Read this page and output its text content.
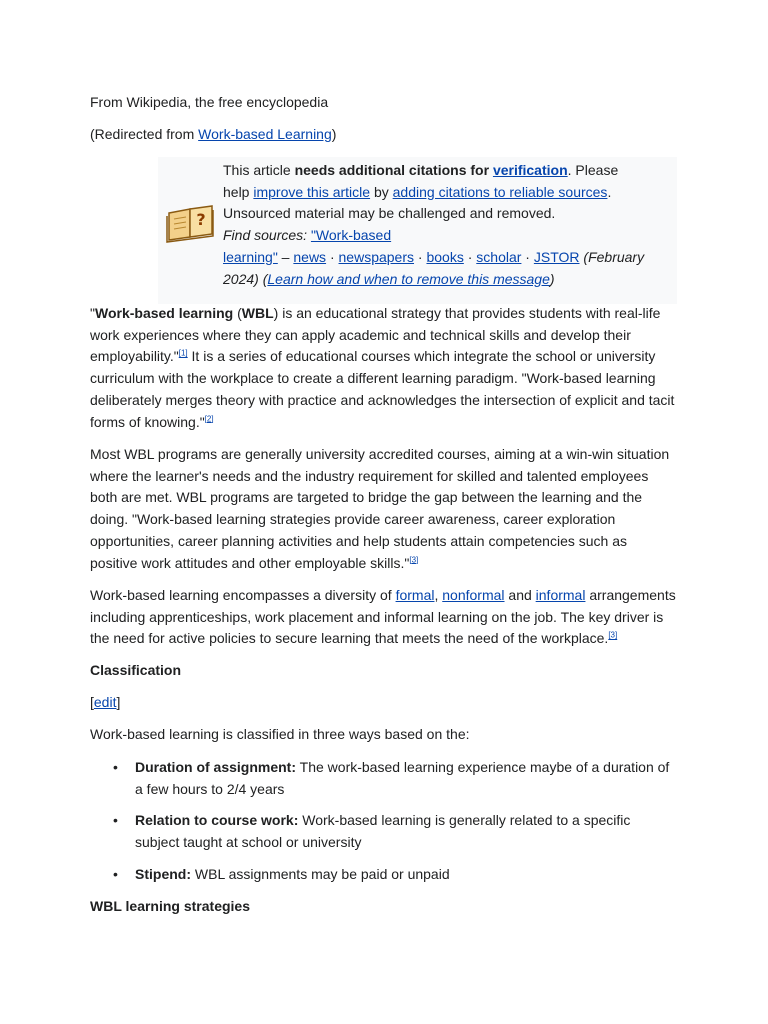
From Wikipedia, the free encyclopedia

(Redirected from Work-based Learning)

?
This article needs additional citations for verification. Please
help improve this article by adding citations to reliable sources.
Unsourced material may be challenged and removed.
Find sources: "Work-based
learning" – news · newspapers · books · scholar · JSTOR (February
2024) (Learn how and when to remove this message)

"Work-based learning (WBL) is an educational strategy that provides students with real-life work experiences where they can apply academic and technical skills and develop their employability."[1] It is a series of educational courses which integrate the school or university curriculum with the workplace to create a different learning paradigm. "Work-based learning deliberately merges theory with practice and acknowledges the intersection of explicit and tacit forms of knowing."[2]

Most WBL programs are generally university accredited courses, aiming at a win-win situation where the learner's needs and the industry requirement for skilled and talented employees both are met. WBL programs are targeted to bridge the gap between the learning and the doing. "Work-based learning strategies provide career awareness, career exploration opportunities, career planning activities and help students attain competencies such as positive work attitudes and other employable skills."[3]

Work-based learning encompasses a diversity of formal, nonformal and informal arrangements including apprenticeships, work placement and informal learning on the job. The key driver is the need for active policies to secure learning that meets the need of the workplace.[3]

Classification

[edit]

Work-based learning is classified in three ways based on the:

• Duration of assignment: The work-based learning experience maybe of a duration of a few hours to 2/4 years
• Relation to course work: Work-based learning is generally related to a specific subject taught at school or university
• Stipend: WBL assignments may be paid or unpaid

WBL learning strategies
